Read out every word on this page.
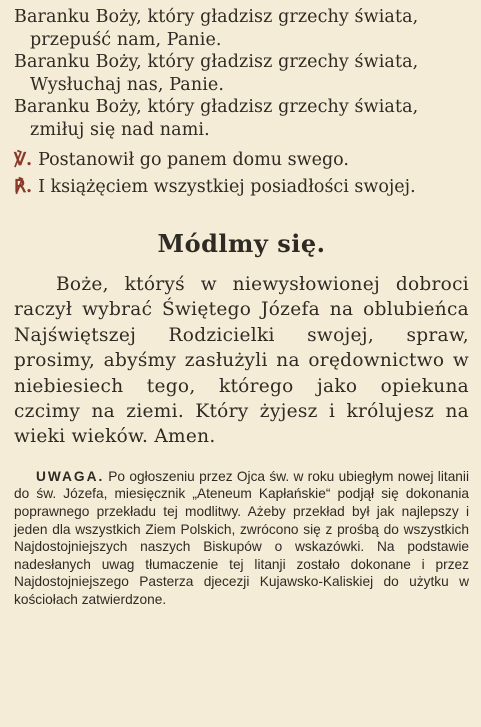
Baranku Boży, który gładzisz grzechy świata,
przepuść nam, Panie.

Baranku Boży, który gładzisz grzechy świata,
Wysłuchaj nas, Panie.

Baranku Boży, który gładzisz grzechy świata,
zmiłuj się nad nami.

℣. Postanowił go panem domu swego.

℟. I książęciem wszystkiej posiadłości swojej.

Módlmy się.

Boże, któryś w niewysłowionej dobroci raczył wybrać Świętego Józefa na oblubieńca Najświętszej Rodzicielki swojej, spraw, prosimy, abyśmy zasłużyli na orędownictwo w niebiesiech tego, którego jako opiekuna czcimy na ziemi. Który żyjesz i królujesz na wieki wieków. Amen.

UWAGA. Po ogłoszeniu przez Ojca św. w roku ubiegłym nowej litanii do św. Józefa, miesięcznik „Ateneum Kapłańskie“ podjął się dokonania poprawnego przekładu tej modlitwy. Ażeby przekład był jak najlepszy i jeden dla wszystkich Ziem Polskich, zwrócono się z prośbą do wszystkich Najdostojniejszych naszych Biskupów o wskazówki. Na podstawie nadesłanych uwag tłumaczenie tej litanji zostało dokonane i przez Najdostojniejszego Pasterza djecezji Kujawsko-Kaliskiej do użytku w kościołach zatwierdzone.
